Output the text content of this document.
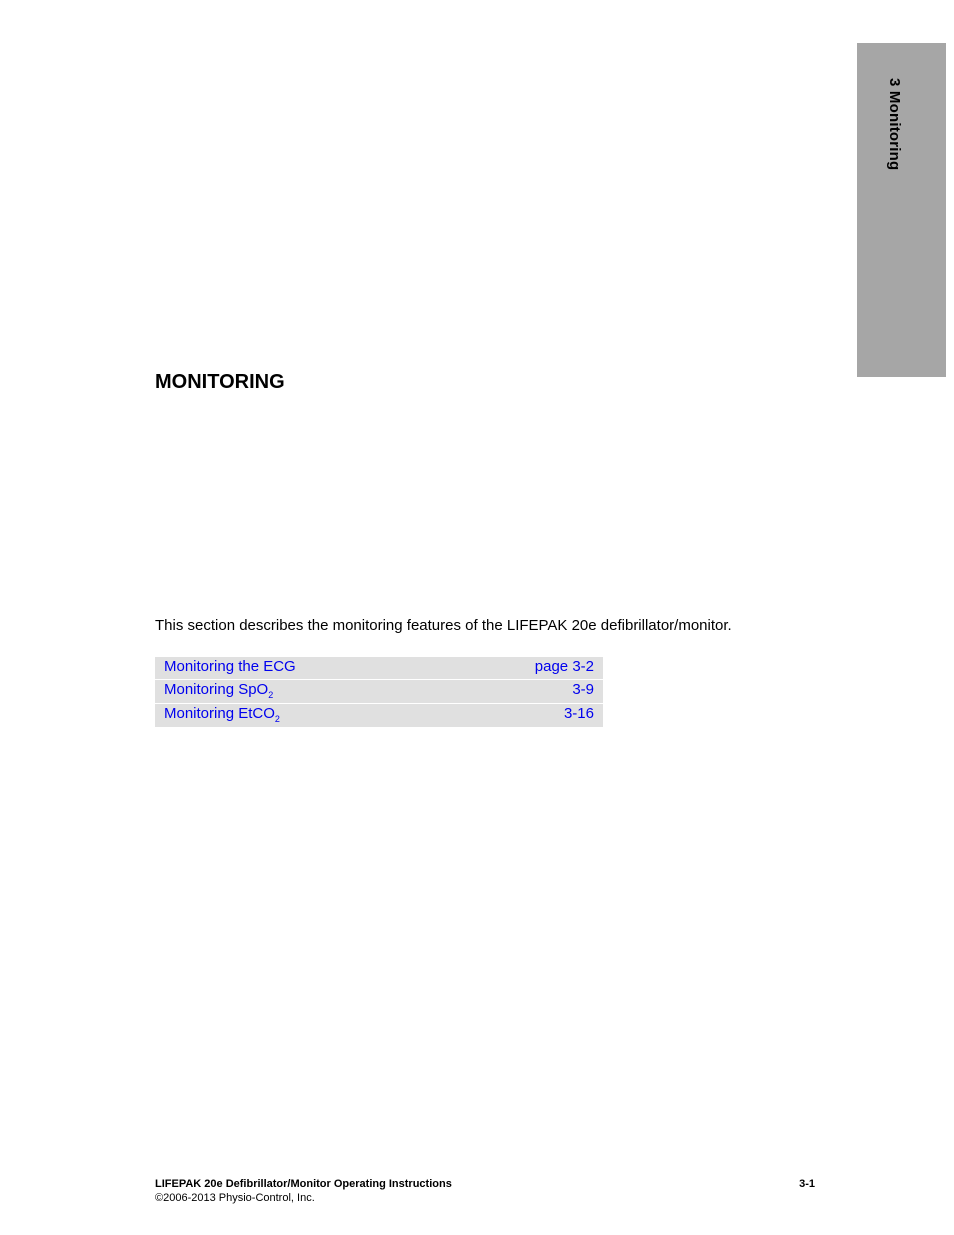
3 Monitoring
MONITORING

This section describes the monitoring features of the LIFEPAK 20e defibrillator/monitor.

Monitoring the ECG	page 3-2
Monitoring SpO$_2$	3-9
Monitoring EtCO$_2$	3-16
LIFEPAK 20e Defibrillator/Monitor Operating Instructions
©2006-2013 Physio-Control, Inc.
3-1
